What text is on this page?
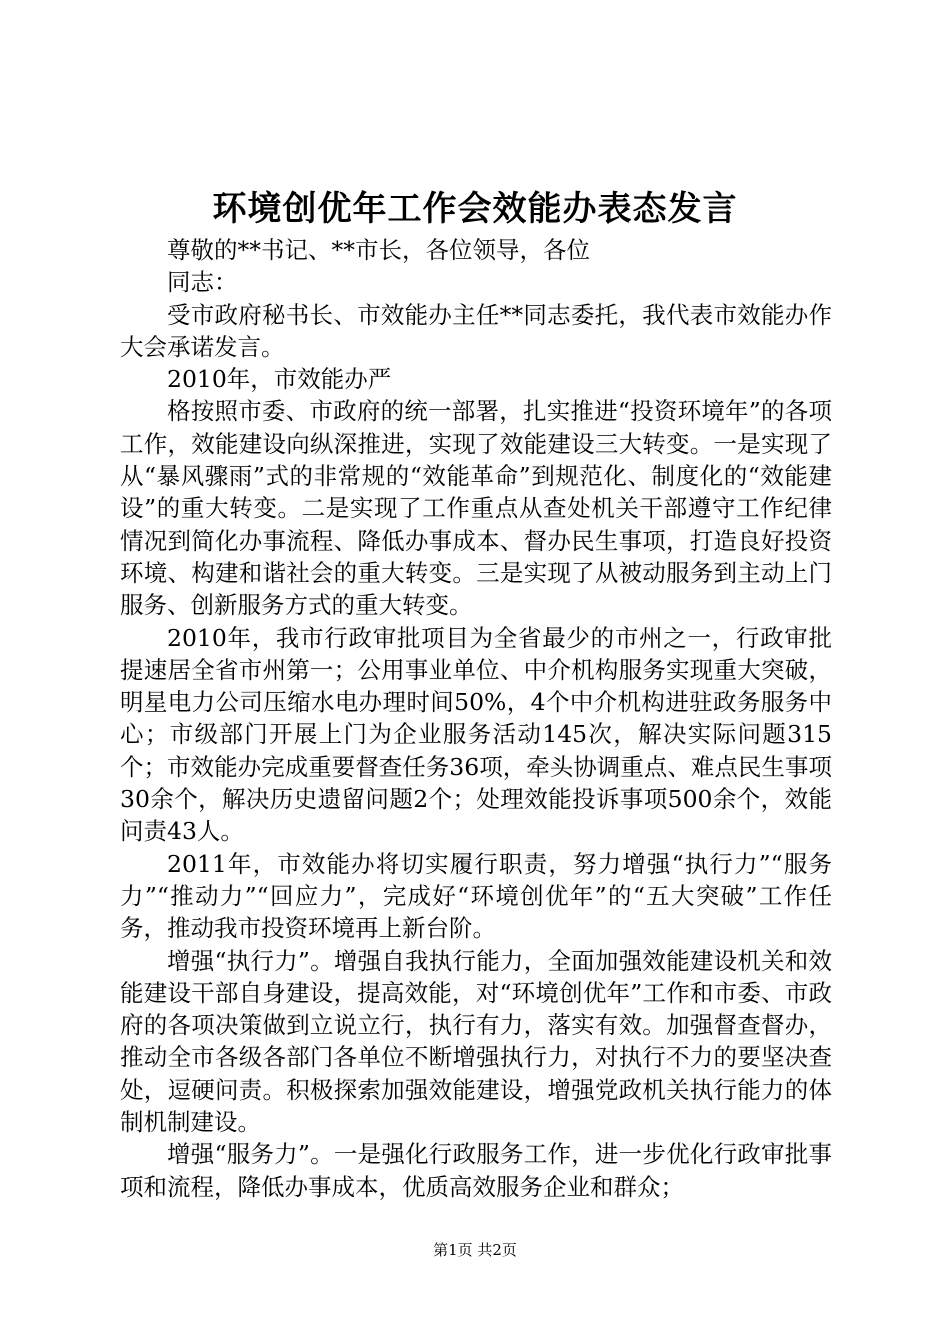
环境创优年工作会效能办表态发言

尊敬的**书记、**市长，各位领导，各位

同志：

受市政府秘书长、市效能办主任**同志委托，我代表市效能办作大会承诺发言。

2010年，市效能办严

格按照市委、市政府的统一部署，扎实推进“投资环境年”的各项工作，效能建设向纵深推进，实现了效能建设三大转变。一是实现了从“暴风骤雨”式的非常规的“效能革命”到规范化、制度化的“效能建设”的重大转变。二是实现了工作重点从查处机关干部遵守工作纪律情况到简化办事流程、降低办事成本、督办民生事项，打造良好投资环境、构建和谐社会的重大转变。三是实现了从被动服务到主动上门服务、创新服务方式的重大转变。

2010年，我市行政审批项目为全省最少的市州之一，行政审批提速居全省市州第一；公用事业单位、中介机构服务实现重大突破，明星电力公司压缩水电办理时间50%，4个中介机构进驻政务服务中心；市级部门开展上门为企业服务活动145次，解决实际问题315个；市效能办完成重要督查任务36项，牵头协调重点、难点民生事项30余个，解决历史遗留问题2个；处理效能投诉事项500余个，效能问责43人。

2011年，市效能办将切实履行职责，努力增强“执行力”“服务力”“推动力”“回应力”，完成好“环境创优年”的“五大突破”工作任务，推动我市投资环境再上新台阶。

增强“执行力”。增强自我执行能力，全面加强效能建设机关和效能建设干部自身建设，提高效能，对“环境创优年”工作和市委、市政府的各项决策做到立说立行，执行有力，落实有效。加强督查督办，推动全市各级各部门各单位不断增强执行力，对执行不力的要坚决查处，逗硬问责。积极探索加强效能建设，增强党政机关执行能力的体制机制建设。

增强“服务力”。一是强化行政服务工作，进一步优化行政审批事项和流程，降低办事成本，优质高效服务企业和群众；

第1页 共2页
